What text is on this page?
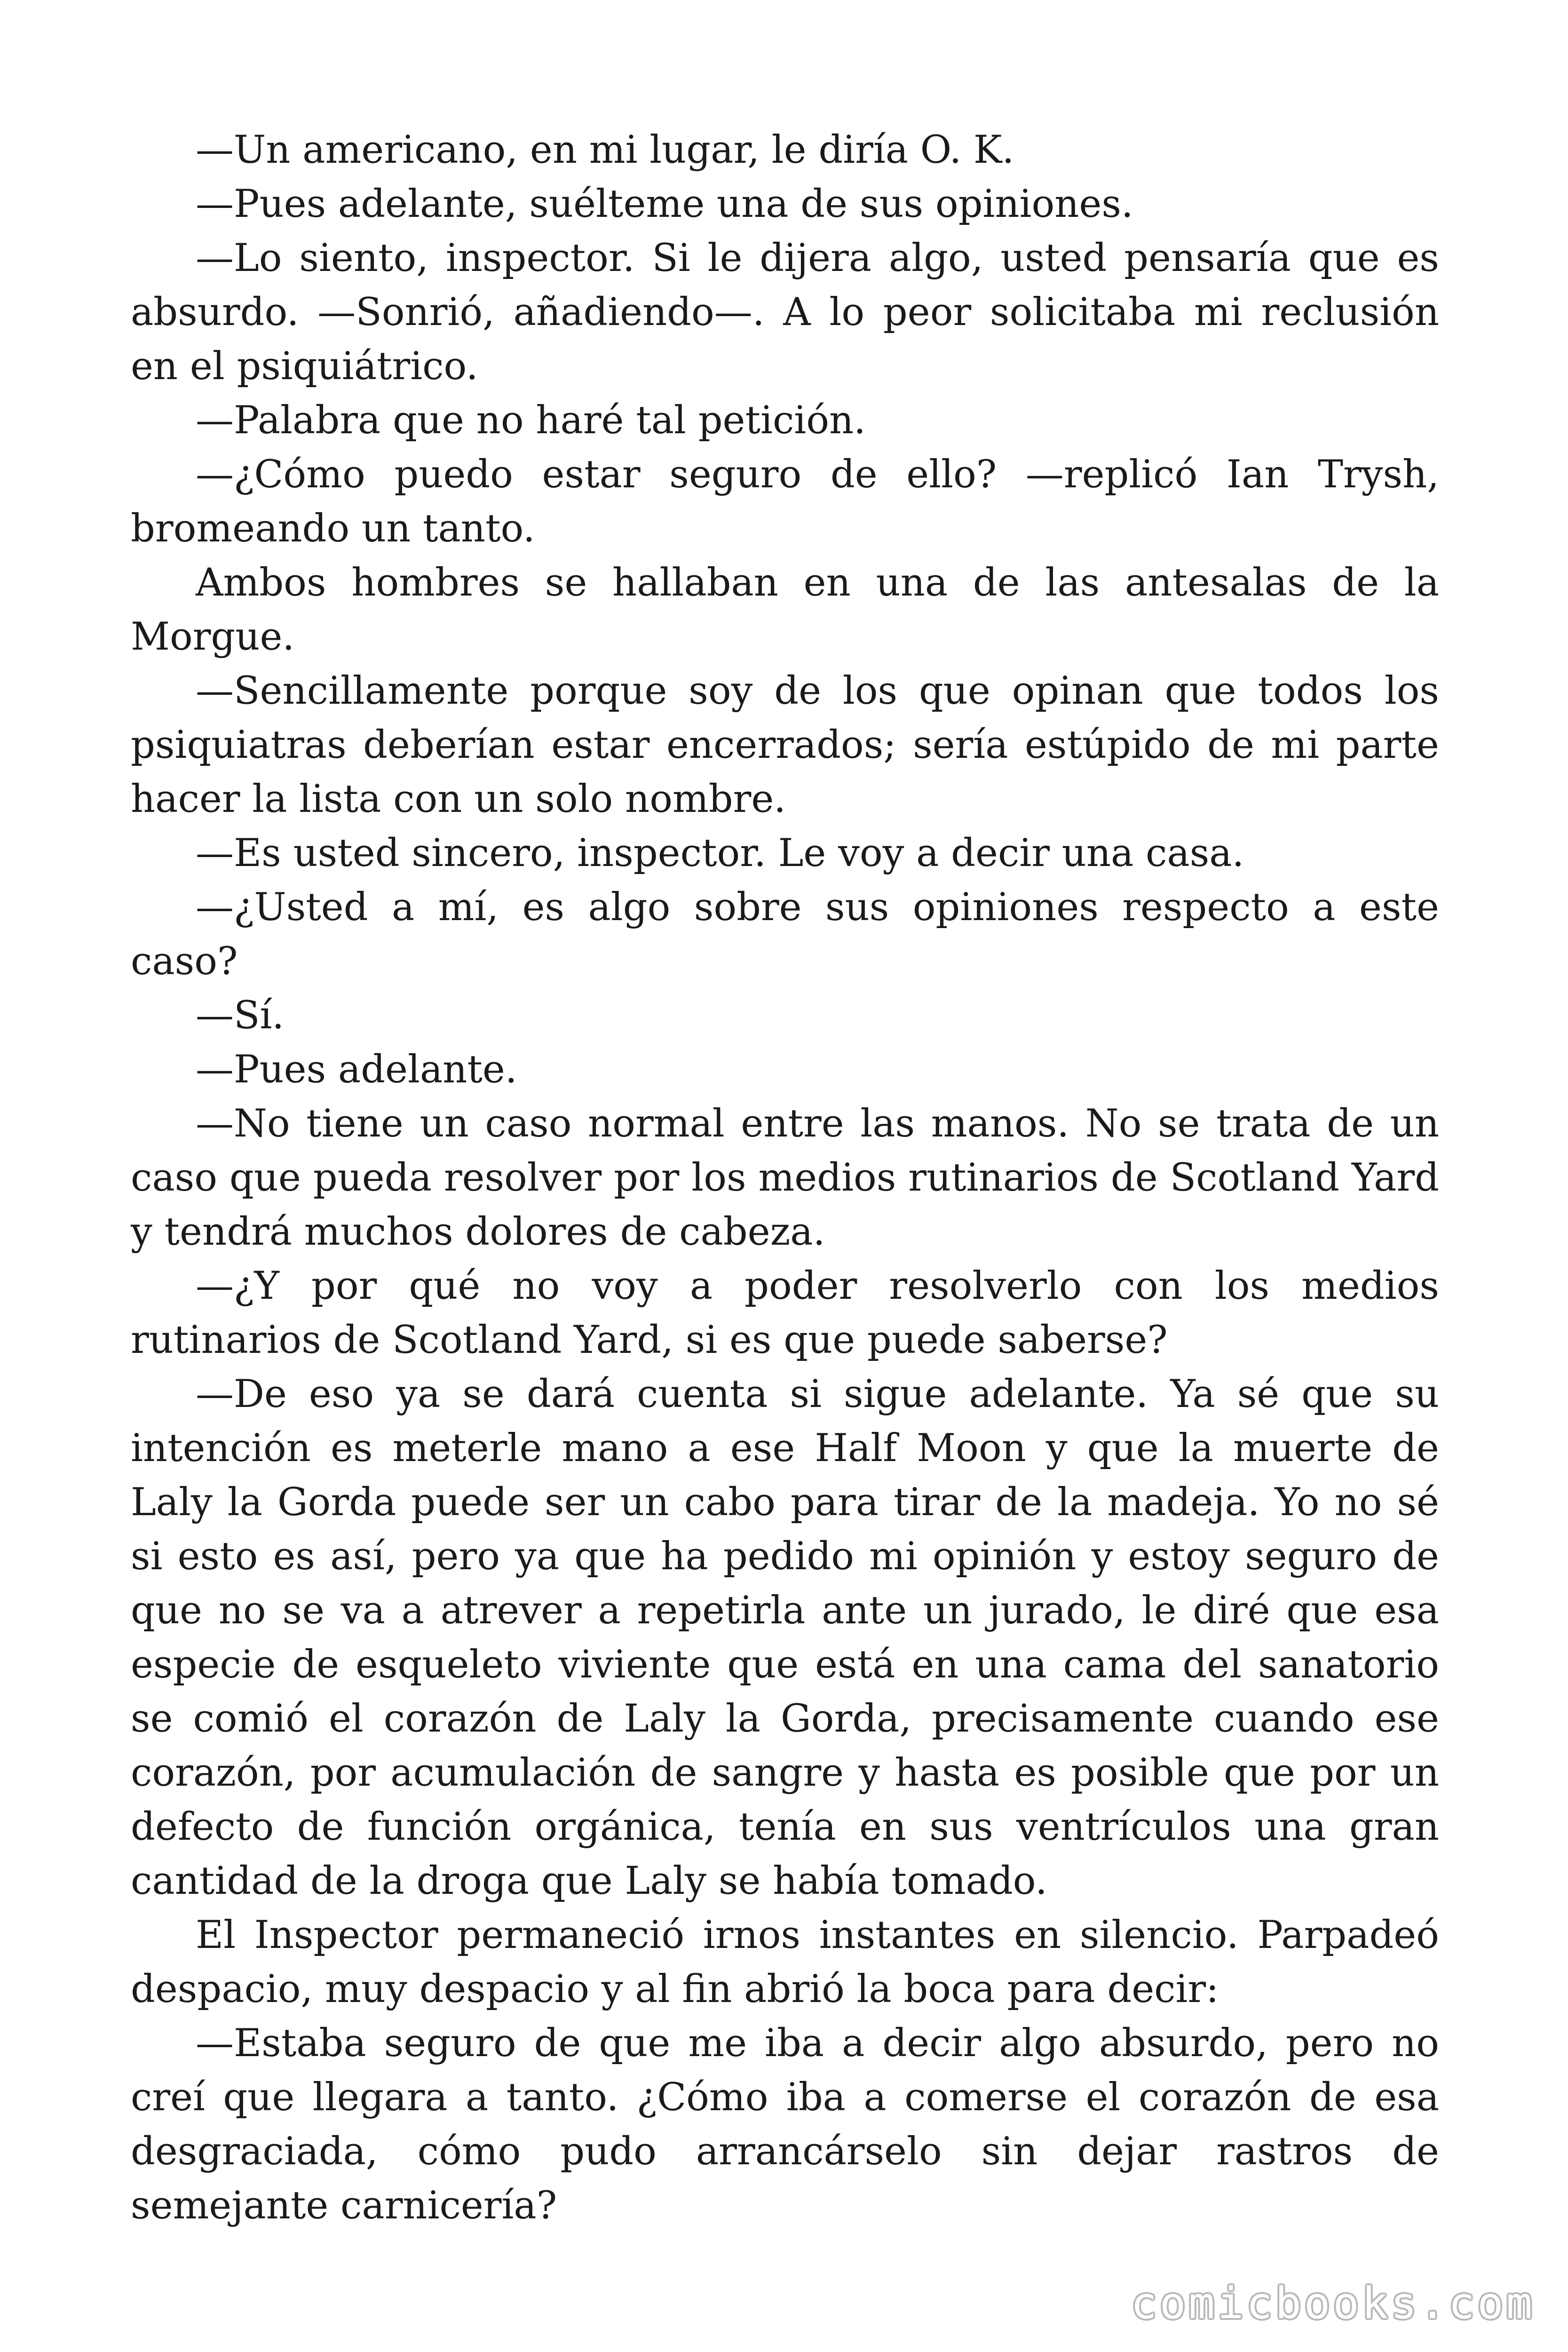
—Un americano, en mi lugar, le diría O. K.

—Pues adelante, suélteme una de sus opiniones.

—Lo siento, inspector. Si le dijera algo, usted pensaría que es absurdo. —Sonrió, añadiendo—. A lo peor solicitaba mi reclusión en el psiquiátrico.

—Palabra que no haré tal petición.

—¿Cómo puedo estar seguro de ello? —replicó Ian Trysh, bromeando un tanto.

Ambos hombres se hallaban en una de las antesalas de la Morgue.

—Sencillamente porque soy de los que opinan que todos los psiquiatras deberían estar encerrados; sería estúpido de mi parte hacer la lista con un solo nombre.

—Es usted sincero, inspector. Le voy a decir una casa.

—¿Usted a mí, es algo sobre sus opiniones respecto a este caso?

—Sí.

—Pues adelante.

—No tiene un caso normal entre las manos. No se trata de un caso que pueda resolver por los medios rutinarios de Scotland Yard y tendrá muchos dolores de cabeza.

—¿Y por qué no voy a poder resolverlo con los medios rutinarios de Scotland Yard, si es que puede saberse?

—De eso ya se dará cuenta si sigue adelante. Ya sé que su intención es meterle mano a ese Half Moon y que la muerte de Laly la Gorda puede ser un cabo para tirar de la madeja. Yo no sé si esto es así, pero ya que ha pedido mi opinión y estoy seguro de que no se va a atrever a repetirla ante un jurado, le diré que esa especie de esqueleto viviente que está en una cama del sanatorio se comió el corazón de Laly la Gorda, precisamente cuando ese corazón, por acumulación de sangre y hasta es posible que por un defecto de función orgánica, tenía en sus ventrículos una gran cantidad de la droga que Laly se había tomado.

El Inspector permaneció irnos instantes en silencio. Parpadeó despacio, muy despacio y al fin abrió la boca para decir:

—Estaba seguro de que me iba a decir algo absurdo, pero no creí que llegara a tanto. ¿Cómo iba a comerse el corazón de esa desgraciada, cómo pudo arrancárselo sin dejar rastros de semejante carnicería?

comicbooks.com
